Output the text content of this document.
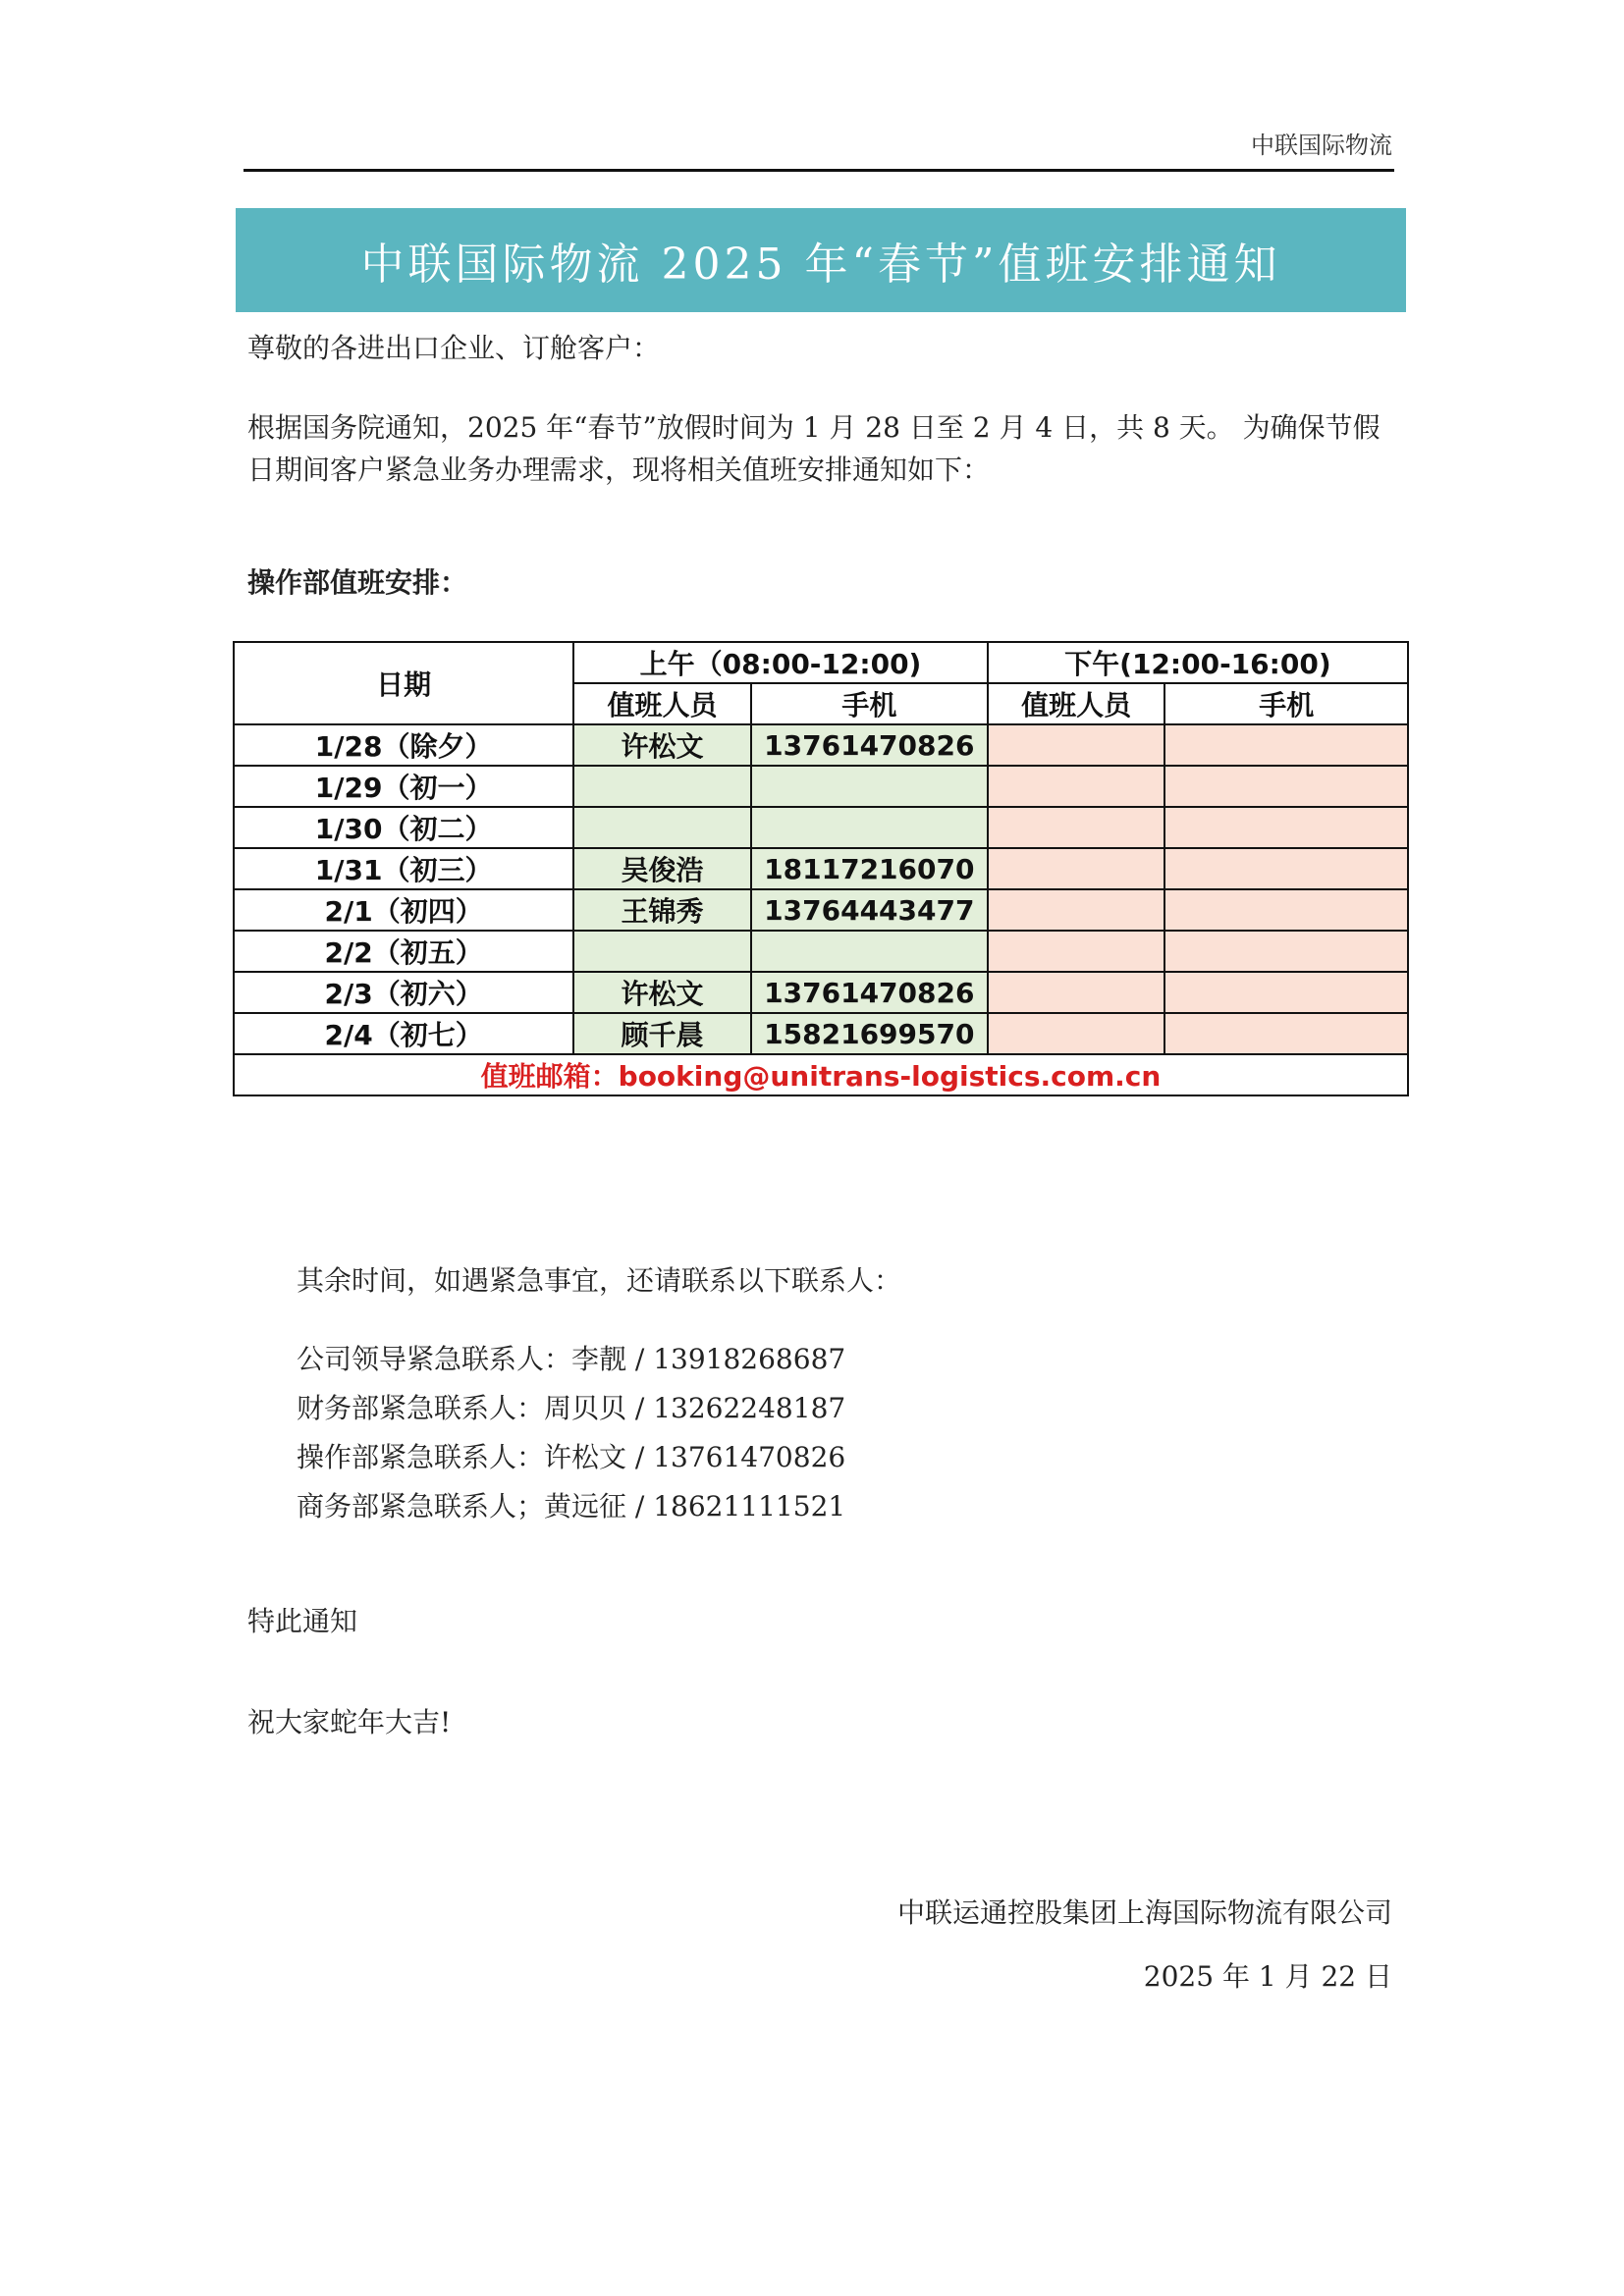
中联国际物流
中联国际物流 2025 年“春节”值班安排通知
尊敬的各进出口企业、订舱客户：
根据国务院通知，2025 年“春节”放假时间为 1 月 28 日至 2 月 4 日，共 8 天。 为确保节假日期间客户紧急业务办理需求，现将相关值班安排通知如下：
操作部值班安排：
日期	上午（08:00-12:00)		下午(12:00-16:00)	
	值班人员	手机	值班人员	手机
1/28（除夕）	许松文	13761470826		
1/29（初一）				
1/30（初二）				
1/31（初三）	吴俊浩	18117216070		
2/1（初四）	王锦秀	13764443477		
2/2（初五）				
2/3（初六）	许松文	13761470826		
2/4（初七）	顾千晨	15821699570		
值班邮箱：booking@unitrans-logistics.com.cn				
其余时间，如遇紧急事宜，还请联系以下联系人：
公司领导紧急联系人：李靓 / 13918268687
财务部紧急联系人：周贝贝 / 13262248187
操作部紧急联系人：许松文 / 13761470826
商务部紧急联系人；黄远征 / 18621111521
特此通知
祝大家蛇年大吉!
中联运通控股集团上海国际物流有限公司
2025 年 1 月 22 日
